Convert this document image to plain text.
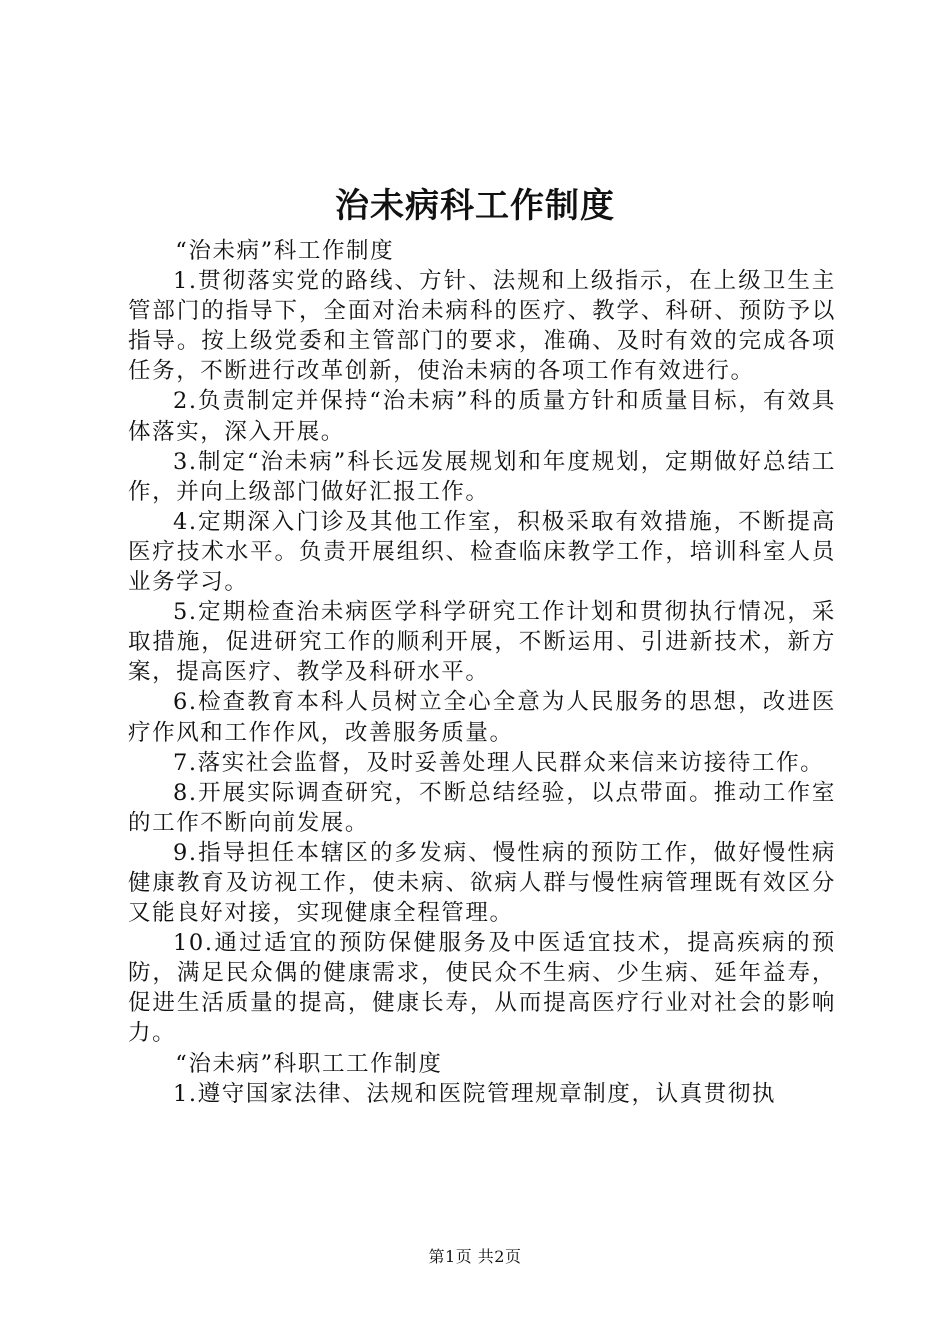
治未病科工作制度

“治未病”科工作制度

1.贯彻落实党的路线、方针、法规和上级指示，在上级卫生主管部门的指导下，全面对治未病科的医疗、教学、科研、预防予以指导。按上级党委和主管部门的要求，准确、及时有效的完成各项任务，不断进行改革创新，使治未病的各项工作有效进行。

2.负责制定并保持“治未病”科的质量方针和质量目标，有效具体落实，深入开展。

3.制定“治未病”科长远发展规划和年度规划，定期做好总结工作，并向上级部门做好汇报工作。

4.定期深入门诊及其他工作室，积极采取有效措施，不断提高医疗技术水平。负责开展组织、检查临床教学工作，培训科室人员业务学习。

5.定期检查治未病医学科学研究工作计划和贯彻执行情况，采取措施，促进研究工作的顺利开展，不断运用、引进新技术，新方案，提高医疗、教学及科研水平。

6.检查教育本科人员树立全心全意为人民服务的思想，改进医疗作风和工作作风，改善服务质量。

7.落实社会监督，及时妥善处理人民群众来信来访接待工作。

8.开展实际调查研究，不断总结经验，以点带面。推动工作室的工作不断向前发展。

9.指导担任本辖区的多发病、慢性病的预防工作，做好慢性病健康教育及访视工作，使未病、欲病人群与慢性病管理既有效区分又能良好对接，实现健康全程管理。

10.通过适宜的预防保健服务及中医适宜技术，提高疾病的预防，满足民众偶的健康需求，使民众不生病、少生病、延年益寿，促进生活质量的提高，健康长寿，从而提高医疗行业对社会的影响力。

“治未病”科职工工作制度

1.遵守国家法律、法规和医院管理规章制度，认真贯彻执

第1页 共2页
